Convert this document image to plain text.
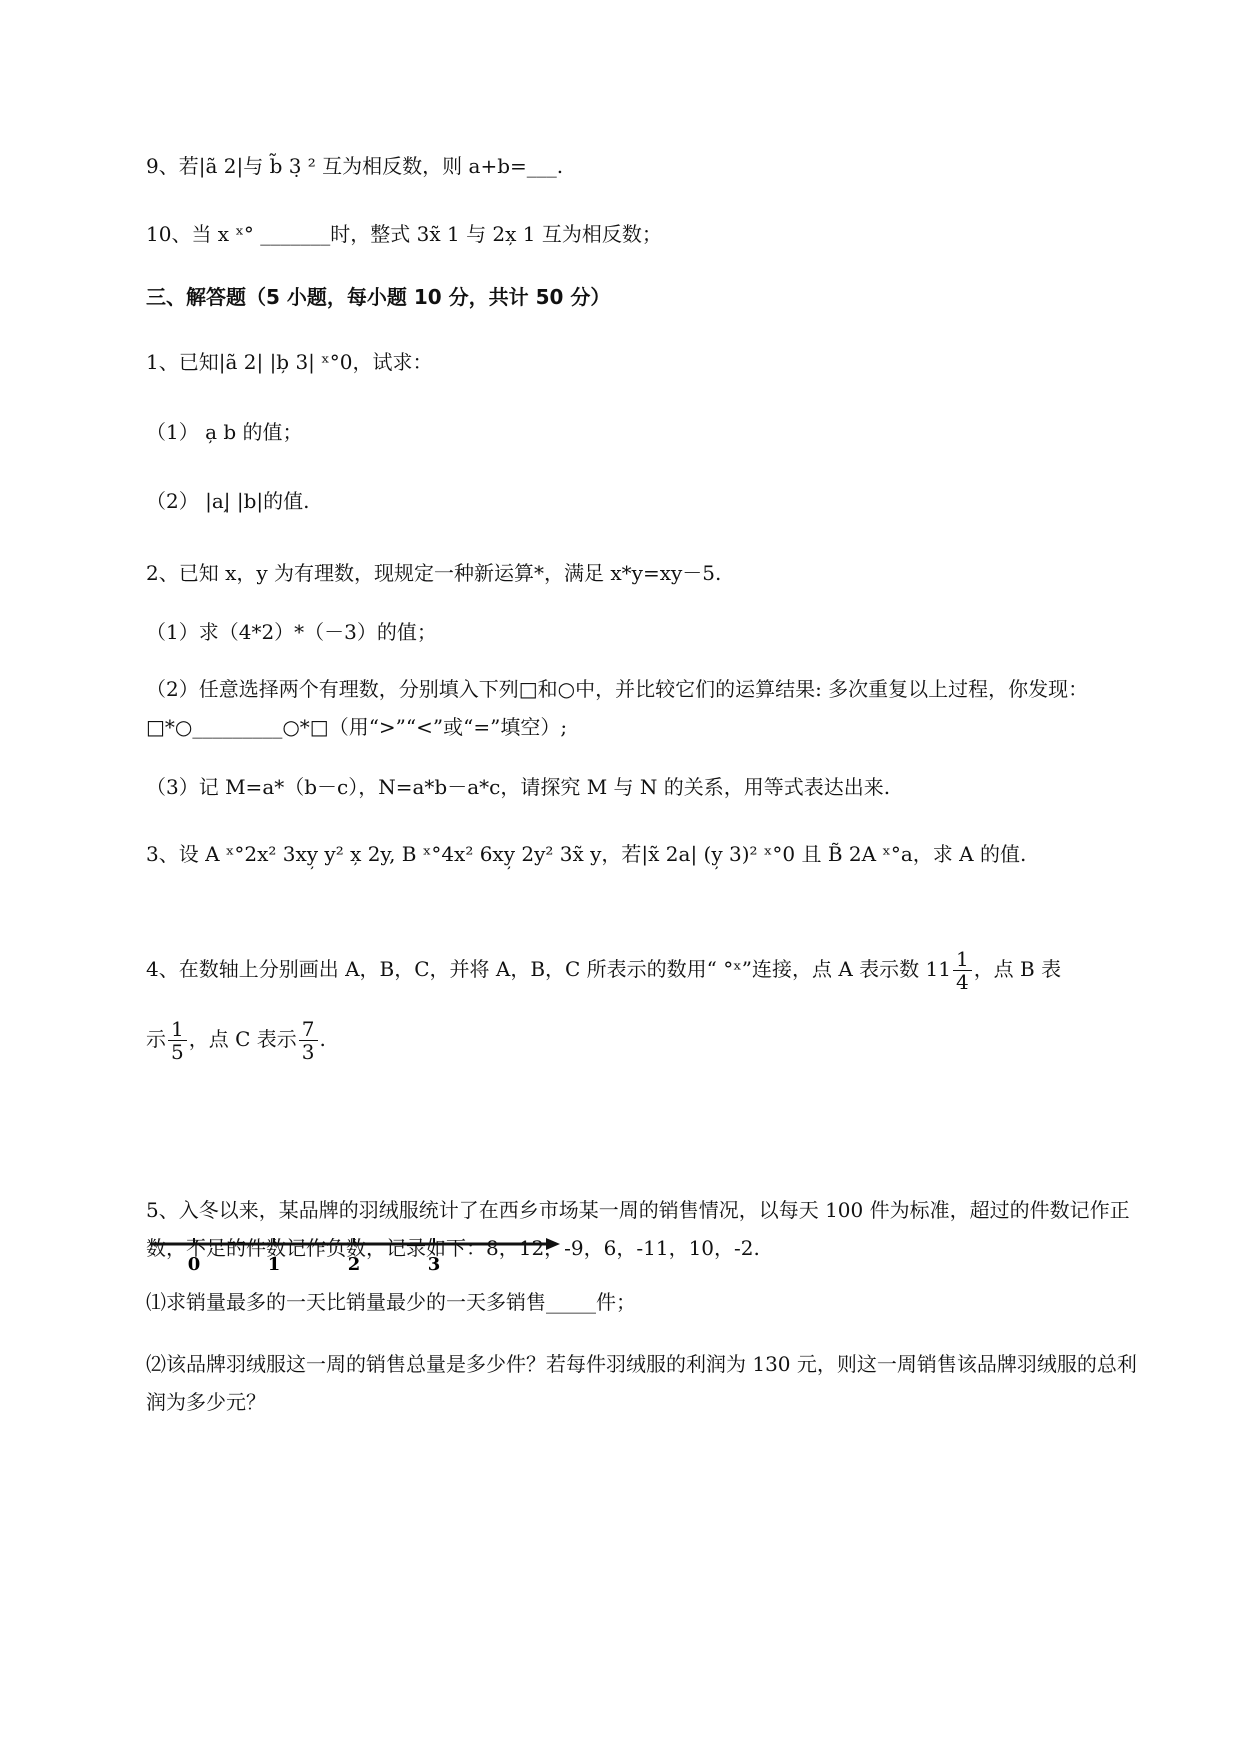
9、若|ã 2|与 b̃ 3̣ ² 互为相反数，则 a+b=___.
10、当 x ˣ° _______时，整式 3x̃ 1 与 2x̦ 1 互为相反数；
三、解答题（5 小题，每小题 10 分，共计 50 分）
1、已知|ã 2| |b̦ 3| ˣ°0，试求：
（1） a̦ b 的值；
（2） |a|̦ |b|的值.
2、已知 x，y 为有理数，现规定一种新运算*，满足 x*y=xy－5.
（1）求（4*2）*（－3）的值；
（2）任意选择两个有理数，分别填入下列□和○中，并比较它们的运算结果: 多次重复以上过程，你发现：□*○_________○*□（用“>”“<”或“=”填空）;
（3）记 M=a*（b－c），N=a*b－a*c，请探究 M 与 N 的关系，用等式表达出来.
3、设 A ˣ°2x² 3xy̦ y² x̦ 2y, B ˣ°4x² 6xy̦ 2y² 3x̃ y，若|x̃ 2a| (y̦ 3)² ˣ°0 且 B̃ 2A ˣ°a，求 A 的值.
4、在数轴上分别画出 A，B，C，并将 A，B，C 所表示的数用“ °ˣ”连接，点 A 表示数 $11 \frac{1}{4}$ ，点 B 表
示 $\frac{1}{5}$ ，点 C 表示 $\frac{7}{3}$ .
0	1	2	3
5、入冬以来，某品牌的羽绒服统计了在西乡市场某一周的销售情况，以每天 100 件为标准，超过的件数记作正数，不足的件数记作负数，记录如下：8，12，-9，6，-11，10，-2.
⑴求销量最多的一天比销量最少的一天多销售_____件；
⑵该品牌羽绒服这一周的销售总量是多少件？若每件羽绒服的利润为 130 元，则这一周销售该品牌羽绒服的总利润为多少元？
